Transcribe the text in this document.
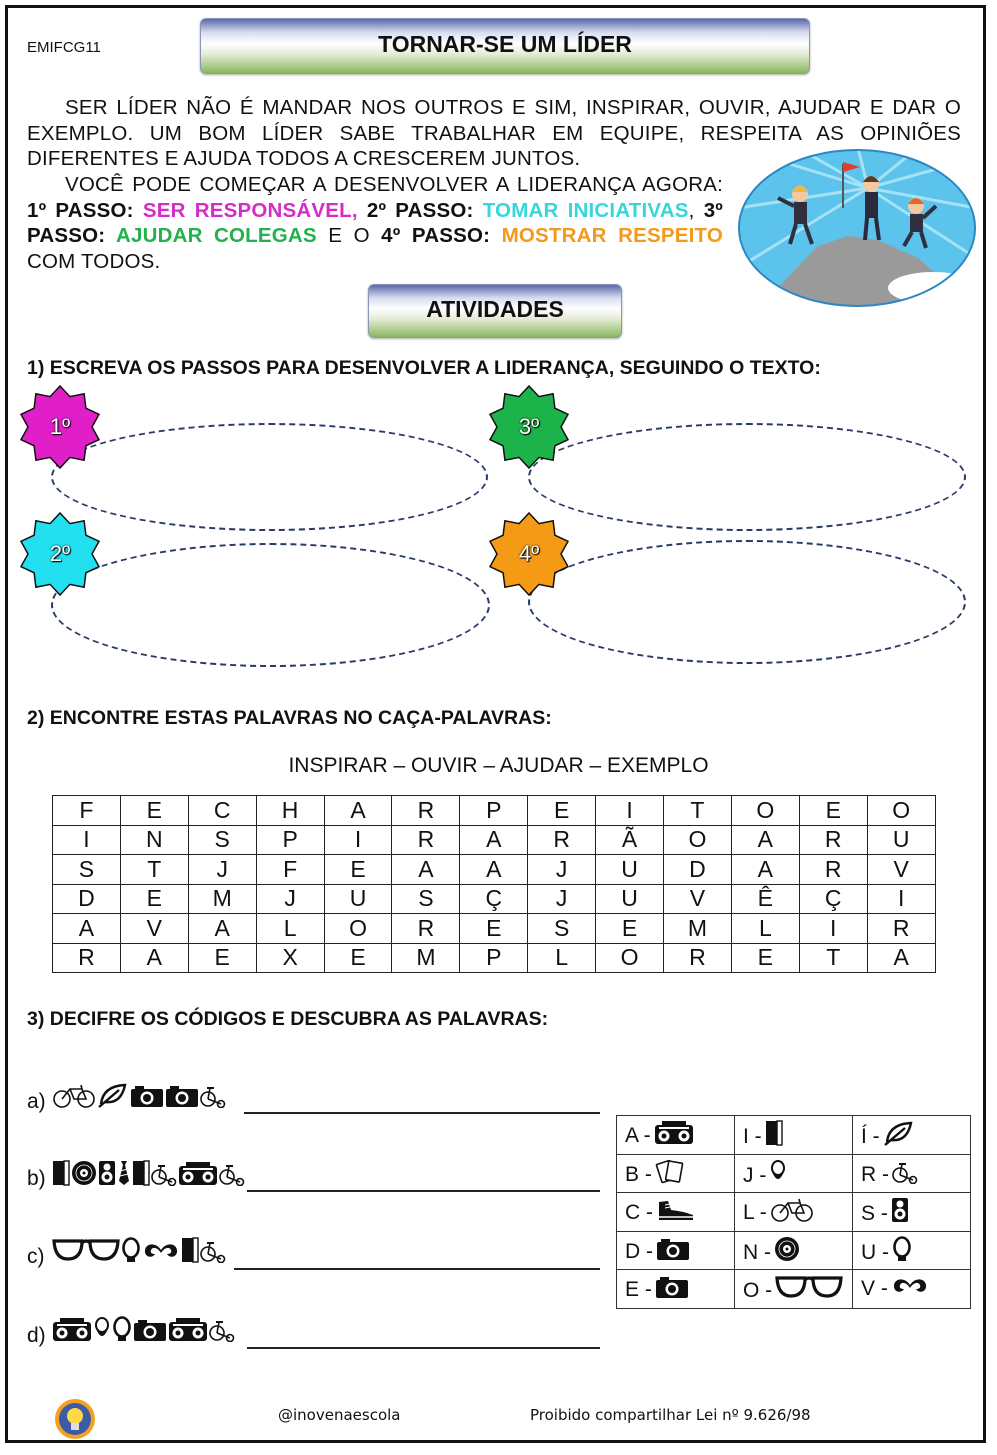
EMIFCG11	TORNAR-SE UM LÍDER
SER LÍDER NÃO É MANDAR NOS OUTROS E SIM, INSPIRAR, OUVIR, AJUDAR E DAR O EXEMPLO. UM BOM LÍDER SABE TRABALHAR EM EQUIPE, RESPEITA AS OPINIÕES DIFERENTES E AJUDA TODOS A CRESCEREM JUNTOS.
VOCÊ PODE COMEÇAR A DESENVOLVER A LIDERANÇA AGORA: 1º PASSO: SER RESPONSÁVEL, 2º PASSO: TOMAR INICIATIVAS, 3º PASSO: AJUDAR COLEGAS E O 4º PASSO: MOSTRAR RESPEITO COM TODOS.
ATIVIDADES
1) ESCREVA OS PASSOS PARA DESENVOLVER A LIDERANÇA, SEGUINDO O TEXTO:
1º	3º
2º	4º
2) ENCONTRE ESTAS PALAVRAS NO CAÇA-PALAVRAS:
INSPIRAR – OUVIR – AJUDAR – EXEMPLO
F	E	C	H	A	R	P	E	I	T	O	E	O
I	N	S	P	I	R	A	R	Ã	O	A	R	U
S	T	J	F	E	A	A	J	U	D	A	R	V
D	E	M	J	U	S	Ç	J	U	V	Ê	Ç	I
A	V	A	L	O	R	E	S	E	M	L	I	R
R	A	E	X	E	M	P	L	O	R	E	T	A
3) DECIFRE OS CÓDIGOS E DESCUBRA AS PALAVRAS:
a)
b)
c)
d)
A -	I -	Í -
B -	J -	R -
C -	L -	S -
D -	N -	U -
E -	O -	V -
@inovenaescola	Proibido compartilhar Lei nº 9.626/98
